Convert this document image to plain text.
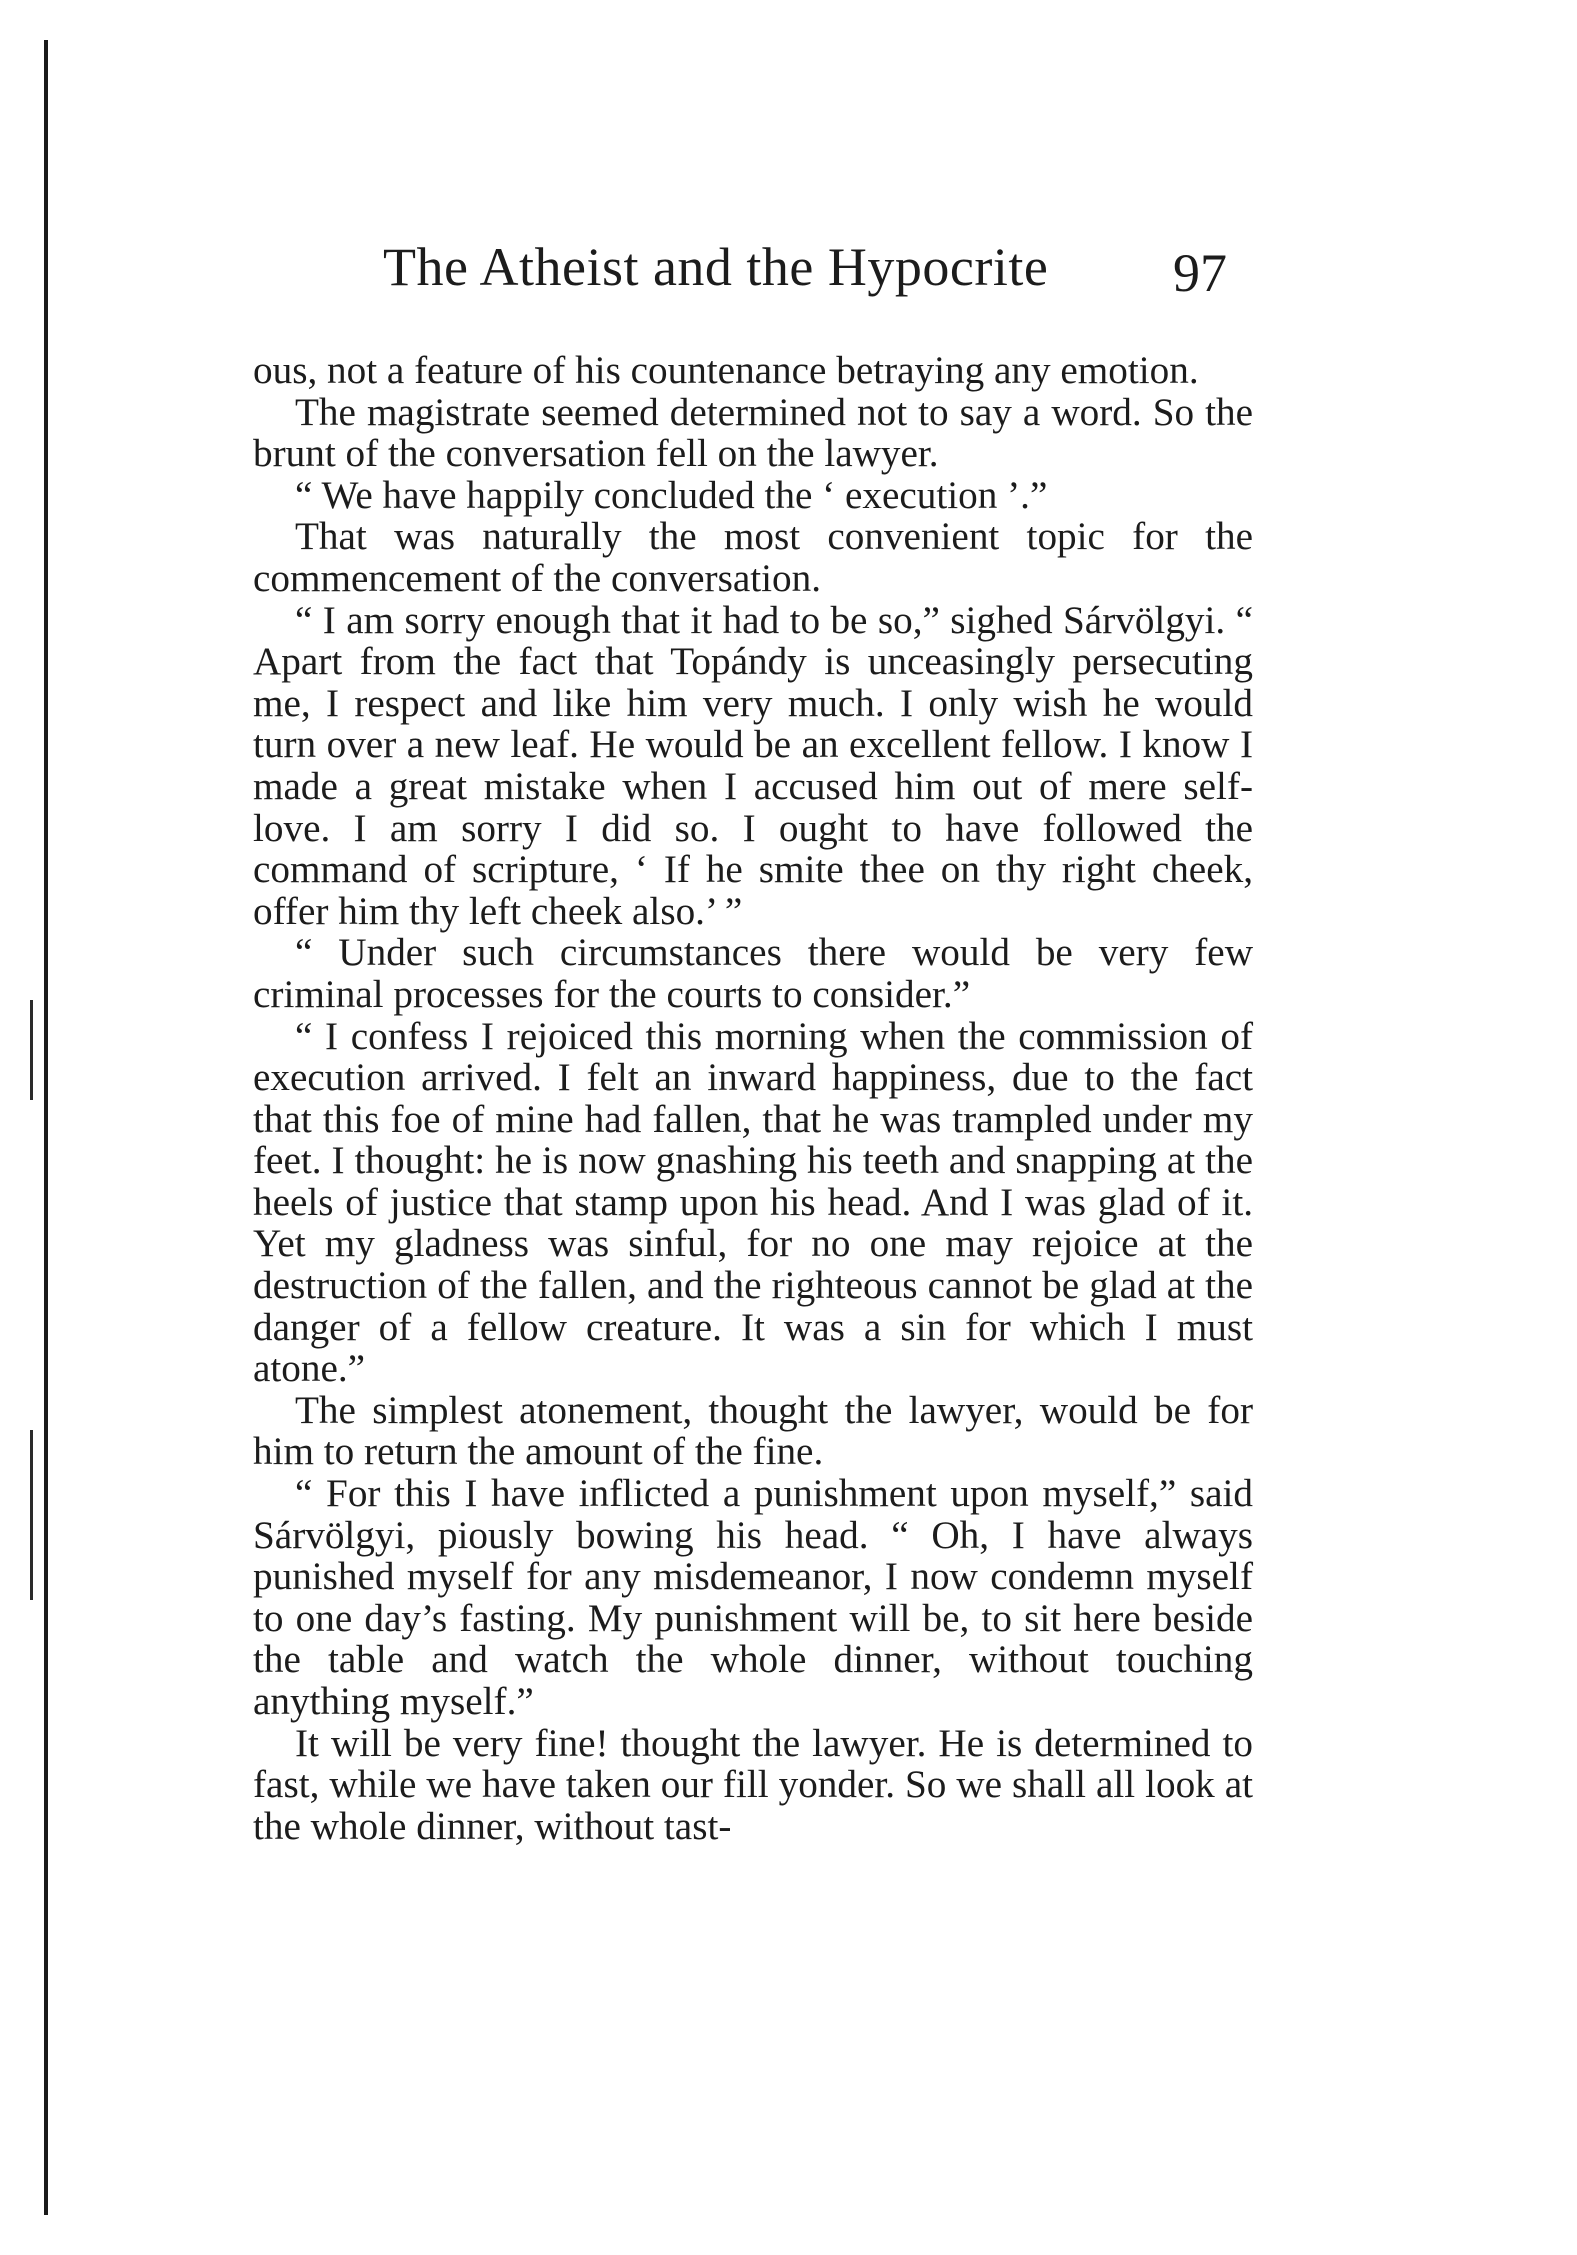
The Atheist and the Hypocrite 97

ous, not a feature of his countenance betraying any emotion.

The magistrate seemed determined not to say a word. So the brunt of the conversation fell on the lawyer.

“ We have happily concluded the ‘ execution ’.”

That was naturally the most convenient topic for the commencement of the conversation.

“ I am sorry enough that it had to be so,” sighed Sárvölgyi. “ Apart from the fact that Topándy is unceasingly persecuting me, I respect and like him very much. I only wish he would turn over a new leaf. He would be an excellent fellow. I know I made a great mistake when I accused him out of mere self-love. I am sorry I did so. I ought to have followed the command of scripture, ‘ If he smite thee on thy right cheek, offer him thy left cheek also.’ ”

“ Under such circumstances there would be very few criminal processes for the courts to consider.”

“ I confess I rejoiced this morning when the commission of execution arrived. I felt an inward happiness, due to the fact that this foe of mine had fallen, that he was trampled under my feet. I thought: he is now gnashing his teeth and snapping at the heels of justice that stamp upon his head. And I was glad of it. Yet my gladness was sinful, for no one may rejoice at the destruction of the fallen, and the righteous cannot be glad at the danger of a fellow creature. It was a sin for which I must atone.”

The simplest atonement, thought the lawyer, would be for him to return the amount of the fine.

“ For this I have inflicted a punishment upon myself,” said Sárvölgyi, piously bowing his head. “ Oh, I have always punished myself for any misdemeanor, I now condemn myself to one day’s fasting. My punishment will be, to sit here beside the table and watch the whole dinner, without touching anything myself.”

It will be very fine! thought the lawyer. He is determined to fast, while we have taken our fill yonder. So we shall all look at the whole dinner, without tast-
